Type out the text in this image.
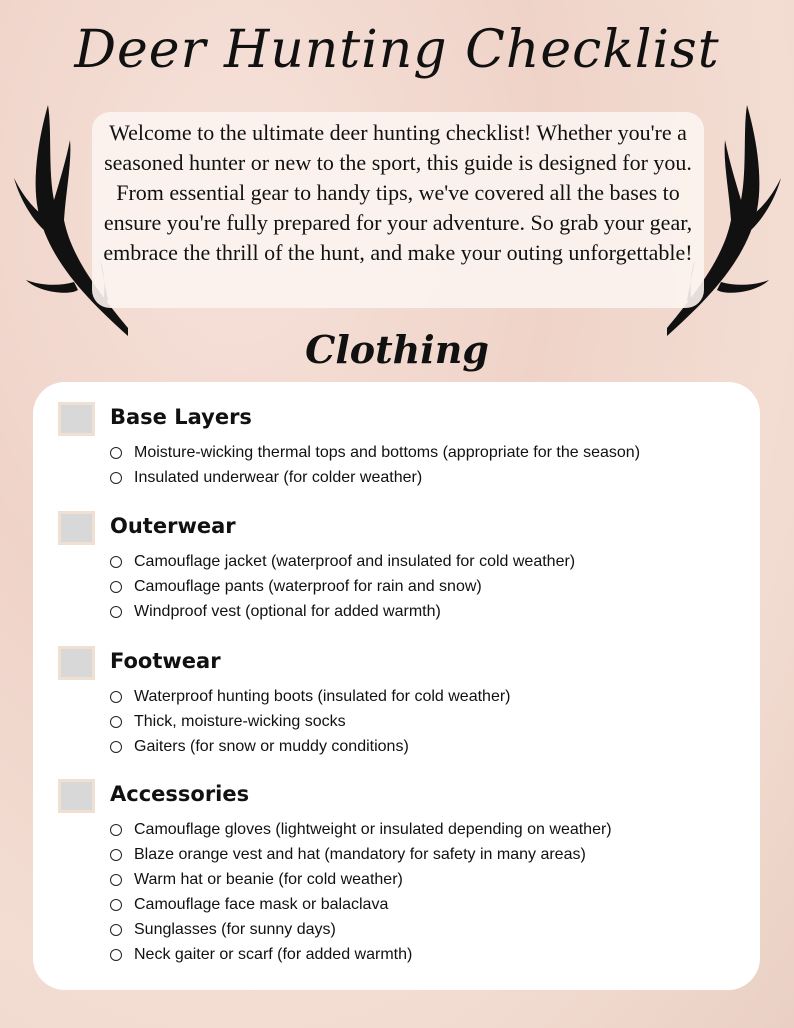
Deer Hunting Checklist
Welcome to the ultimate deer hunting checklist! Whether you're a seasoned hunter or new to the sport, this guide is designed for you. From essential gear to handy tips, we've covered all the bases to ensure you're fully prepared for your adventure. So grab your gear, embrace the thrill of the hunt, and make your outing unforgettable!
Clothing
Base Layers
Moisture-wicking thermal tops and bottoms (appropriate for the season)
Insulated underwear (for colder weather)
Outerwear
Camouflage jacket (waterproof and insulated for cold weather)
Camouflage pants (waterproof for rain and snow)
Windproof vest (optional for added warmth)
Footwear
Waterproof hunting boots (insulated for cold weather)
Thick, moisture-wicking socks
Gaiters (for snow or muddy conditions)
Accessories
Camouflage gloves (lightweight or insulated depending on weather)
Blaze orange vest and hat (mandatory for safety in many areas)
Warm hat or beanie (for cold weather)
Camouflage face mask or balaclava
Sunglasses (for sunny days)
Neck gaiter or scarf (for added warmth)
